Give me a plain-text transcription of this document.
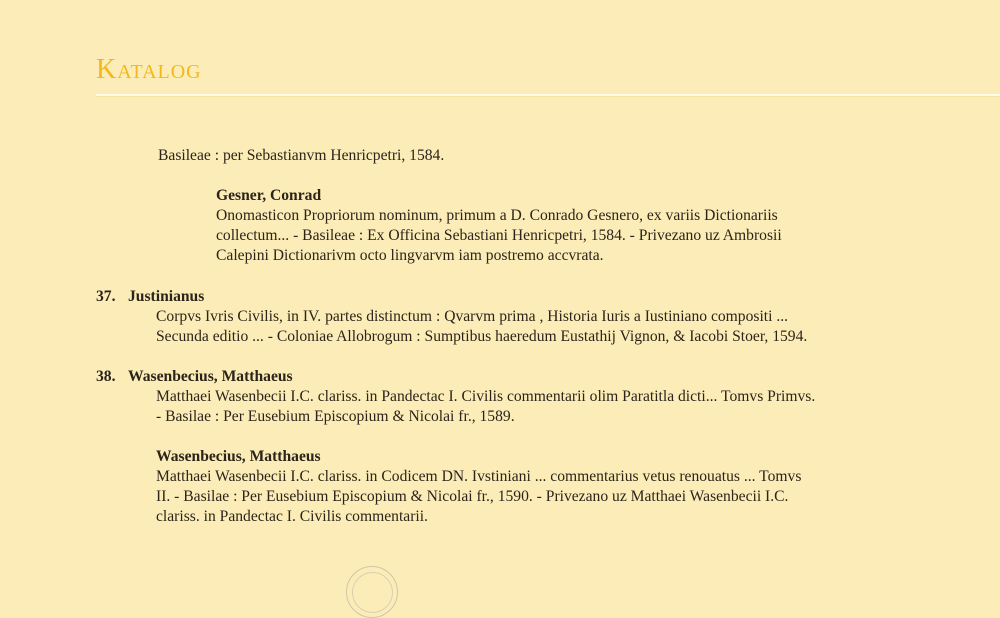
Katalog
Basileae : per Sebastianvm Henricpetri, 1584.
Gesner, Conrad
Onomasticon Propriorum nominum, primum a D. Conrado Gesnero, ex variis Dictionariis
collectum... - Basileae : Ex Officina Sebastiani Henricpetri, 1584. - Privezano uz Ambrosii
Calepini Dictionarivm octo lingvarvm iam postremo accvrata.
37. Justinianus
Corpvs Ivris Civilis, in IV. partes distinctum : Qvarvm prima , Historia Iuris a Iustiniano compositi ...
Secunda editio ... - Coloniae Allobrogum : Sumptibus haeredum Eustathij Vignon, & Iacobi Stoer, 1594.
38. Wasenbecius, Matthaeus
Matthaei Wasenbecii I.C. clariss. in Pandectac I. Civilis commentarii olim Paratitla dicti... Tomvs Primvs.
- Basilae : Per Eusebium Episcopium & Nicolai fr., 1589.
Wasenbecius, Matthaeus
Matthaei Wasenbecii I.C. clariss. in Codicem DN. Ivstiniani ... commentarius vetus renouatus ... Tomvs
II. - Basilae : Per Eusebium Episcopium & Nicolai fr., 1590. - Privezano uz Matthaei Wasenbecii I.C.
clariss. in Pandectac I. Civilis commentarii.
